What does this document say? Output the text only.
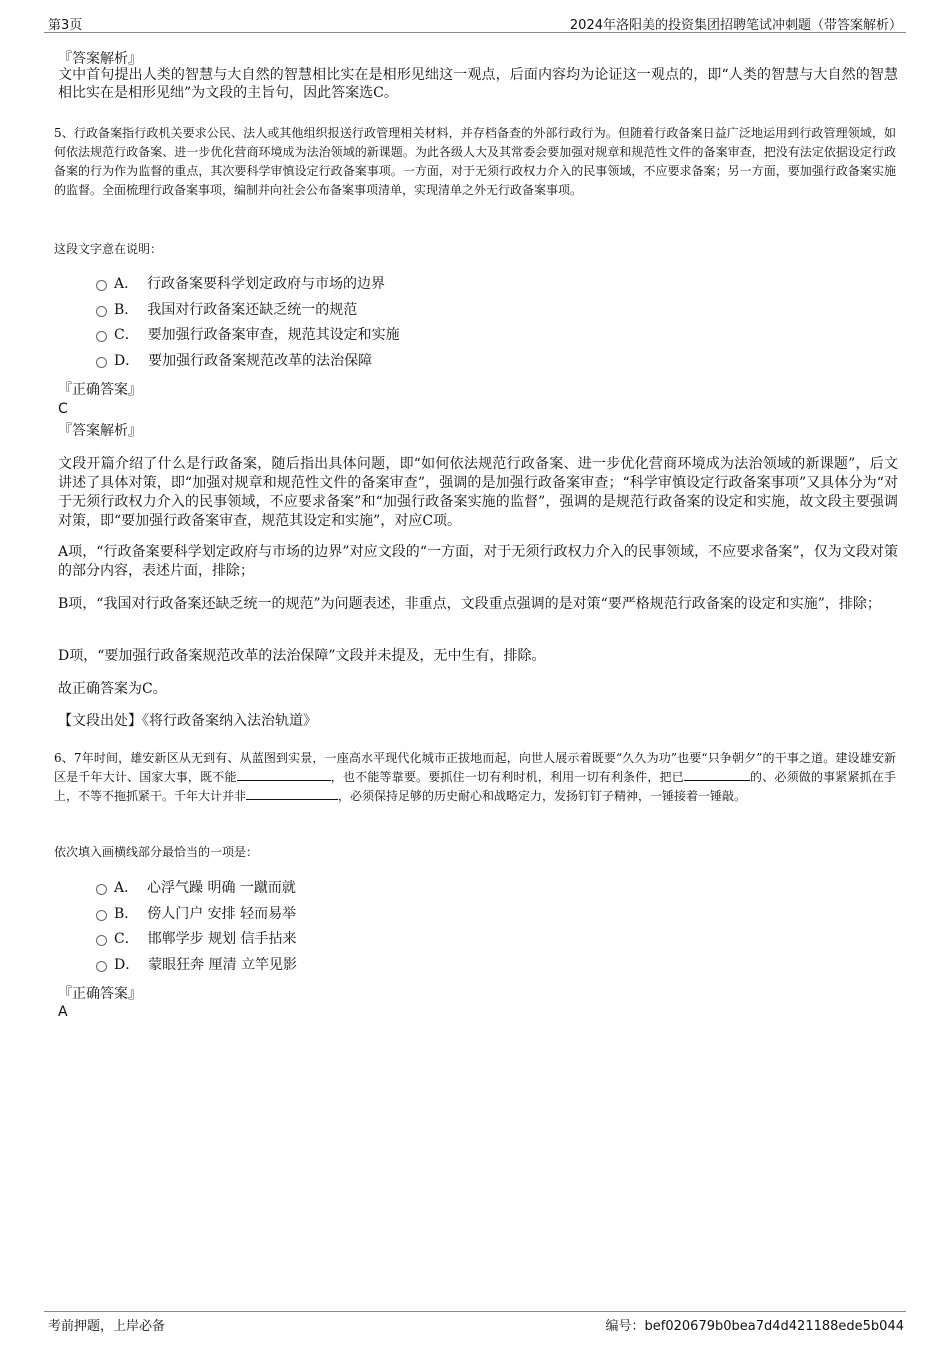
第3页	2024年洛阳美的投资集团招聘笔试冲刺题（带答案解析）
『答案解析』
文中首句提出人类的智慧与大自然的智慧相比实在是相形见绌这一观点，后面内容均为论证这一观点的，即“人类的智慧与大自然的智慧相比实在是相形见绌”为文段的主旨句，因此答案选C。
5、行政备案指行政机关要求公民、法人或其他组织报送行政管理相关材料，并存档备查的外部行政行为。但随着行政备案日益广泛地运用到行政管理领域，如何依法规范行政备案、进一步优化营商环境成为法治领域的新课题。为此各级人大及其常委会要加强对规章和规范性文件的备案审查，把没有法定依据设定行政备案的行为作为监督的重点，其次要科学审慎设定行政备案事项。一方面，对于无须行政权力介入的民事领域，不应要求备案；另一方面，要加强行政备案实施的监督。全面梳理行政备案事项，编制并向社会公布备案事项清单，实现清单之外无行政备案事项。
这段文字意在说明：
A． 行政备案要科学划定政府与市场的边界
B． 我国对行政备案还缺乏统一的规范
C． 要加强行政备案审查，规范其设定和实施
D． 要加强行政备案规范改革的法治保障
『正确答案』
C
『答案解析』
文段开篇介绍了什么是行政备案，随后指出具体问题，即“如何依法规范行政备案、进一步优化营商环境成为法治领域的新课题”，后文讲述了具体对策，即“加强对规章和规范性文件的备案审查”，强调的是加强行政备案审查；“科学审慎设定行政备案事项”又具体分为“对于无须行政权力介入的民事领域，不应要求备案”和“加强行政备案实施的监督”，强调的是规范行政备案的设定和实施，故文段主要强调对策，即“要加强行政备案审查，规范其设定和实施”，对应C项。
A项，“行政备案要科学划定政府与市场的边界”对应文段的“一方面，对于无须行政权力介入的民事领域，不应要求备案”，仅为文段对策的部分内容，表述片面，排除；
B项，“我国对行政备案还缺乏统一的规范”为问题表述，非重点，文段重点强调的是对策“要严格规范行政备案的设定和实施”，排除；
D项，“要加强行政备案规范改革的法治保障”文段并未提及，无中生有，排除。
故正确答案为C。
【文段出处】《将行政备案纳入法治轨道》
6、7年时间，雄安新区从无到有、从蓝图到实景，一座高水平现代化城市正拔地而起，向世人展示着既要“久久为功”也要“只争朝夕”的干事之道。建设雄安新区是千年大计、国家大事，既不能	，也不能等靠要。要抓住一切有利时机，利用一切有利条件，把已	的、必须做的事紧紧抓在手上，不等不拖抓紧干。千年大计并非	，必须保持足够的历史耐心和战略定力，发扬钉钉子精神，一锤接着一锤敲。
依次填入画横线部分最恰当的一项是：
A． 心浮气躁 明确 一蹴而就
B． 傍人门户 安排 轻而易举
C． 邯郸学步 规划 信手拈来
D． 蒙眼狂奔 厘清 立竿见影
『正确答案』
A
考前押题，上岸必备	编号：bef020679b0bea7d4d421188ede5b044
